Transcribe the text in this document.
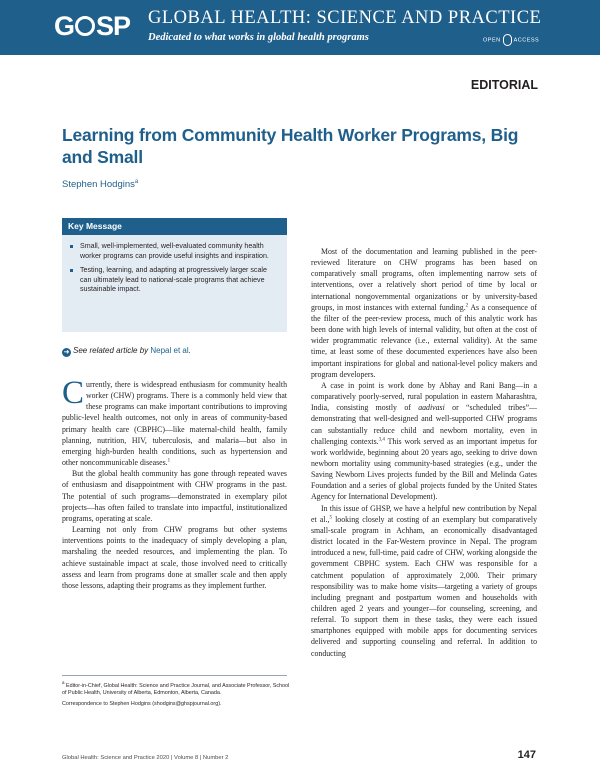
G SP GLOBAL HEALTH: SCIENCE AND PRACTICE
Dedicated to what works in global health programs	OPEN ACCESS
EDITORIAL
Learning from Community Health Worker Programs, Big and Small
Stephen Hodgins$^a$
Key Message
Small, well-implemented, well-evaluated community health worker programs can provide useful insights and inspiration.
Testing, learning, and adapting at progressively larger scale can ultimately lead to national-scale programs that achieve sustainable impact.
➜ See related article by Nepal et al.

Currently, there is widespread enthusiasm for community health worker (CHW) programs. There is a commonly held view that these programs can make important contributions to improving public-level health outcomes, not only in areas of community-based primary health care (CBPHC)—like maternal-child health, family planning, nutrition, HIV, tuberculosis, and malaria—but also in emerging high-burden health conditions, such as hypertension and other noncommunicable diseases.$^1$

But the global health community has gone through repeated waves of enthusiasm and disappointment with CHW programs in the past. The potential of such programs—demonstrated in exemplary pilot projects—has often failed to translate into impactful, institutionalized programs, operating at scale.

Learning not only from CHW programs but other systems interventions points to the inadequacy of simply developing a plan, marshaling the needed resources, and implementing the plan. To achieve sustainable impact at scale, those involved need to critically assess and learn from programs done at smaller scale and then apply those lessons, adapting their programs as they implement further.

Most of the documentation and learning published in the peer-reviewed literature on CHW programs has been based on comparatively small programs, often implementing narrow sets of interventions, over a relatively short period of time by local or international nongovernmental organizations or by university-based groups, in most instances with external funding.$^2$ As a consequence of the filter of the peer-review process, much of this analytic work has been done with high levels of internal validity, but often at the cost of wider programmatic relevance (i.e., external validity). At the same time, at least some of these documented experiences have also been important inspirations for global and national-level policy makers and program developers.

A case in point is work done by Abhay and Rani Bang—in a comparatively poorly-served, rural population in eastern Maharashtra, India, consisting mostly of aadivasi or “scheduled tribes”—demonstrating that well-designed and well-supported CHW programs can substantially reduce child and newborn mortality, even in challenging contexts.$^{3,4}$ This work served as an important impetus for work worldwide, beginning about 20 years ago, seeking to drive down newborn mortality using community-based strategies (e.g., under the Saving Newborn Lives projects funded by the Bill and Melinda Gates Foundation and a series of global projects funded by the United States Agency for International Development).

In this issue of GHSP, we have a helpful new contribution by Nepal et al.,$^5$ looking closely at costing of an exemplary but comparatively small-scale program in Achham, an economically disadvantaged district located in the Far-Western province in Nepal. The program introduced a new, full-time, paid cadre of CHW, working alongside the government CBPHC system. Each CHW was responsible for a catchment population of approximately 2,000. Their primary responsibility was to make home visits—targeting a variety of groups including pregnant and postpartum women and households with children aged 2 years and younger—for counseling, screening, and referral. To support them in these tasks, they were each issued smartphones equipped with mobile apps for documenting services delivered and supporting counseling and referral. In addition to conducting

$^a$ Editor-in-Chief, Global Health: Science and Practice Journal, and Associate Professor, School of Public Health, University of Alberta, Edmonton, Alberta, Canada.

Correspondence to Stephen Hodgins (shodgins@ghspjournal.org).

Global Health: Science and Practice 2020 | Volume 8 | Number 2	147
